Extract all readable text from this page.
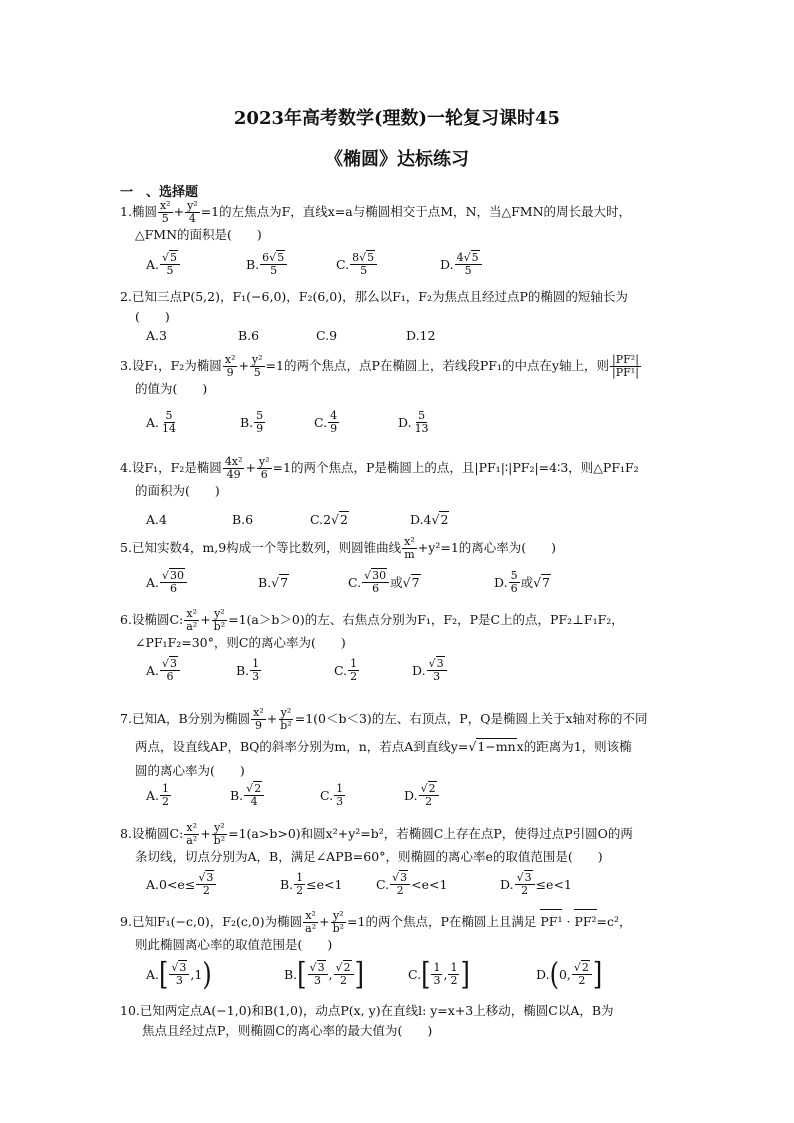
2023年高考数学(理数)一轮复习课时45
《椭圆》达标练习
一　、选择题
1.椭圆 $\frac{\text{x²}}{5} + \frac{\text{y²}}{4} =1$的左焦点为F，直线x=a与椭圆相交于点M，N，当△FMN的周长最大时，
△FMN的面积是(　　)
A. $\frac{√5}{5}$	B. $\frac{6√5}{5}$	C. $\frac{8√5}{5}$	D. $\frac{4√5}{5}$
2.已知三点P(5,2)，F₁(−6,0)，F₂(6,0)，那么以F₁，F₂为焦点且经过点P的椭圆的短轴长为
(　　)
A.3	B.6	C.9	D.12
3.设F₁，F₂为椭圆 $\frac{\text{x²}}{9} + \frac{\text{y²}}{5} =1$的两个焦点，点P在椭圆上，若线段PF₁的中点在y轴上，则 $\frac{\text{|PF²|}}{\text{|PF¹|}}$
的值为(　　)
A. $\frac{5}{14}$	B. $\frac{5}{9}$	C. $\frac{4}{9}$	D. $\frac{5}{13}$
4.设F₁，F₂是椭圆 $\frac{\text{4x²}}{49} + \frac{\text{y²}}{6} =1$的两个焦点，P是椭圆上的点，且|PF₁|∶|PF₂|=4∶3，则△PF₁F₂
的面积为(　　)
A.4	B.6	C.2 √2	D.4 √2
5.已知实数4，m,9构成一个等比数列，则圆锥曲线 $\frac{\text{x²}}{m} +y^2=1$的离心率为(　　)
A. $\frac{√30}{6}$	B. √7	C. $\frac{√30}{6}$ 或 √7	D. $\frac{5}{6}$ 或 √7
6.设椭圆C: $\frac{\text{x²}}{\text{a²}} + \frac{\text{y²}}{\text{b²}} =1(a>b>0)$的左、右焦点分别为F₁，F₂，P是C上的点，PF₂⊥F₁F₂，
∠PF₁F₂=30°，则C的离心率为(　　)
A. $\frac{√3}{6}$	B. $\frac{1}{3}$	C. $\frac{1}{2}$	D. $\frac{√3}{3}$
7.已知A，B分别为椭圆 $\frac{\text{x²}}{9} + \frac{\text{y²}}{\text{b²}} =1(0<b<3)$的左、右顶点，P，Q是椭圆上关于x轴对称的不同
两点，设直线AP，BQ的斜率分别为m，n，若点A到直线y=√1−mnx的距离为1，则该椭
圆的离心率为(　　)
A. $\frac{1}{2}$	B. $\frac{√2}{4}$	C. $\frac{1}{3}$	D. $\frac{√2}{2}$
8.设椭圆C: $\frac{\text{x²}}{\text{a²}} + \frac{\text{y²}}{\text{b²}} =1(a>b>0)$和圆x²+y²=b²，若椭圆C上存在点P，使得过点P引圆O的两
条切线，切点分别为A，B，满足∠APB=60°，则椭圆的离心率e的取值范围是(　　)
$A.0<e\le \frac{√3}{2}$	B. $\frac{1}{2} \le e<1$	C. $\frac{√3}{2} <e<1$	D. $\frac{√3}{2} \le e<1$
9.已知F₁(−c,0)，F₂(c,0)为椭圆 $\frac{\text{x²}}{\text{a²}} + \frac{\text{y²}}{\text{b²}} =1$的两个焦点，P在椭圆上且满足 PF¹ · PF²=c²，
则此椭圆离心率的取值范围是(　　)
A. [ $\frac{√3}{3}$ , 1 )	B. [ $\frac{√3}{3}$ , $\frac{√2}{2}$ ]	C. [ $\frac{1}{3}$ , $\frac{1}{2}$ ]	D. ( 0 , $\frac{√2}{2}$ ]
10.已知两定点A(−1,0)和B(1,0)，动点P(x, y)在直线l: y=x+3上移动，椭圆C以A，B为
焦点且经过点P，则椭圆C的离心率的最大值为(　　)
